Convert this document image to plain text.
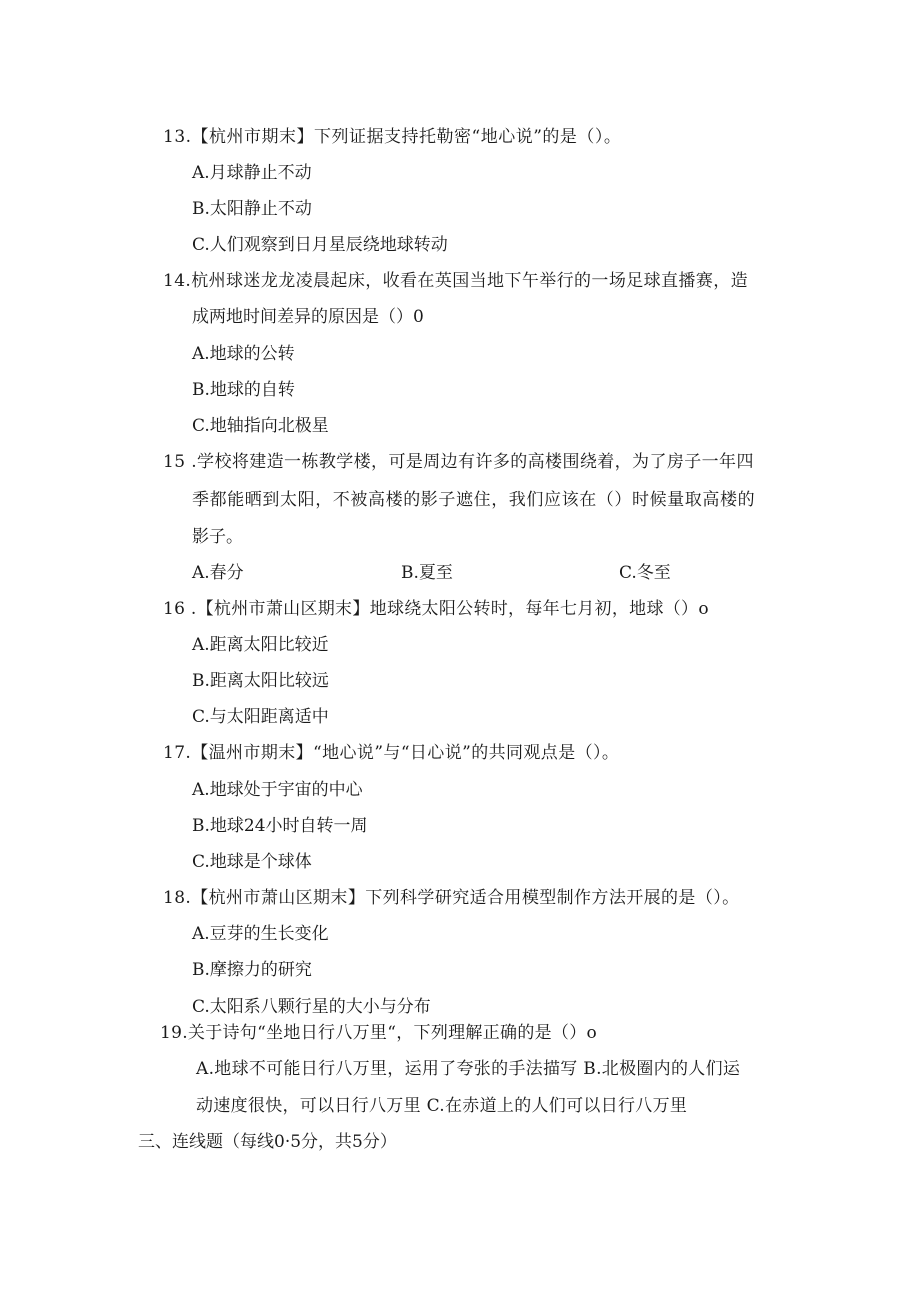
13.【杭州市期末】下列证据支持托勒密“地心说”的是（）。
A.月球静止不动
B.太阳静止不动
C.人们观察到日月星辰绕地球转动
14.杭州球迷龙龙凌晨起床，收看在英国当地下午举行的一场足球直播赛，造
成两地时间差异的原因是（）0
A.地球的公转
B.地球的自转
C.地轴指向北极星
15 .学校将建造一栋教学楼，可是周边有许多的高楼围绕着，为了房子一年四
季都能晒到太阳，不被高楼的影子遮住，我们应该在（）时候量取高楼的
影子。
A.春分	B.夏至	C.冬至
16 .【杭州市萧山区期末】地球绕太阳公转时，每年七月初，地球（）o
A.距离太阳比较近
B.距离太阳比较远
C.与太阳距离适中
17.【温州市期末】“地心说”与“日心说”的共同观点是（）。
A.地球处于宇宙的中心
B.地球24小时自转一周
C.地球是个球体
18.【杭州市萧山区期末】下列科学研究适合用模型制作方法开展的是（）。
A.豆芽的生长变化
B.摩擦力的研究
C.太阳系八颗行星的大小与分布
19.关于诗句“坐地日行八万里“，下列理解正确的是（）o
A.地球不可能日行八万里，运用了夸张的手法描写 B.北极圈内的人们运
动速度很快，可以日行八万里 C.在赤道上的人们可以日行八万里
三、连线题（每线0·5分，共5分）
